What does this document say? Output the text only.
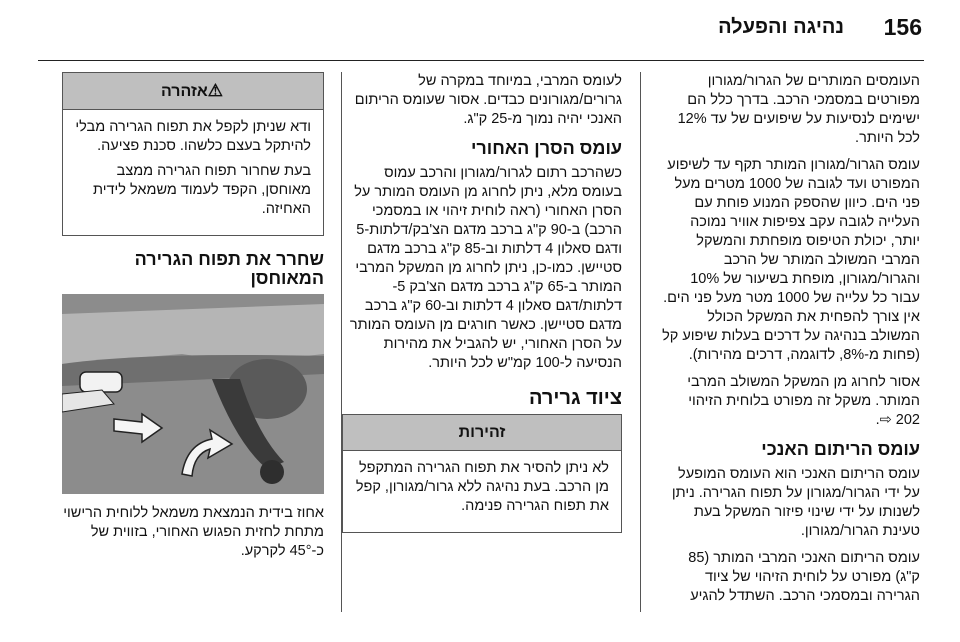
156
נהיגה והפעלה

העומסים המותרים של הגרור/מגורון מפורטים במסמכי הרכב. בדרך כלל הם ישימים לנסיעות על שיפועים של עד 12% לכל היותר.

עומס הגרור/מגורון המותר תקף עד לשיפוע המפורט ועד לגובה של 1000 מטרים מעל פני הים. כיוון שהספק המנוע פוחת עם העלייה לגובה עקב צפיפות אוויר נמוכה יותר, יכולת הטיפוס מופחתת והמשקל המרבי המשולב המותר של הרכב והגרור/מגורון, מופחת בשיעור של 10% עבור כל עלייה של 1000 מטר מעל פני הים. אין צורך להפחית את המשקל הכולל המשולב בנהיגה על דרכים בעלות שיפוע קל (פחות מ-8%, לדוגמה, דרכים מהירות).

אסור לחרוג מן המשקל המשולב המרבי המותר. משקל זה מפורט בלוחית הזיהוי 202 ⇨.

עומס הריתום האנכי

עומס הריתום האנכי הוא העומס המופעל על ידי הגרור/מגורון על תפוח הגרירה. ניתן לשנותו על ידי שינוי פיזור המשקל בעת טעינת הגרור/מגורון.

עומס הריתום האנכי המרבי המותר (85 ק"ג) מפורט על לוחית הזיהוי של ציוד הגרירה ובמסמכי הרכב. השתדל להגיע

לעומס המרבי, במיוחד במקרה של גרורים/מגורונים כבדים. אסור שעומס הריתום האנכי יהיה נמוך מ-25 ק"ג.

עומס הסרן האחורי

כשהרכב רתום לגרור/מגורון והרכב עמוס בעומס מלא, ניתן לחרוג מן העומס המותר על הסרן האחורי (ראה לוחית זיהוי או במסמכי הרכב) ב-90 ק"ג ברכב מדגם הצ'בק/דלתות-5 ודגם סאלון 4 דלתות וב-85 ק"ג ברכב מדגם סטיישן. כמו-כן, ניתן לחרוג מן המשקל המרבי המותר ב-65 ק"ג ברכב מדגם הצ'בק 5-דלתות/דגם סאלון 4 דלתות וב-60 ק"ג ברכב מדגם סטיישן. כאשר חורגים מן העומס המותר על הסרן האחורי, יש להגביל את מהירות הנסיעה ל-100 קמ"ש לכל היותר.

ציוד גרירה
זהירות

לא ניתן להסיר את תפוח הגרירה המתקפל מן הרכב. בעת נהיגה ללא גרור/מגורון, קפל את תפוח הגרירה פנימה.

⚠אזהרה

ודא שניתן לקפל את תפוח הגרירה מבלי להיתקל בעצם כלשהו. סכנת פציעה.

בעת שחרור תפוח הגרירה ממצב מאוחסן, הקפד לעמוד משמאל לידית האחיזה.

שחרר את תפוח הגרירה המאוחסן

אחוז בידית הנמצאת משמאל ללוחית הרישוי מתחת לחזית הפגוש האחורי, בזווית של כ-45° לקרקע.
